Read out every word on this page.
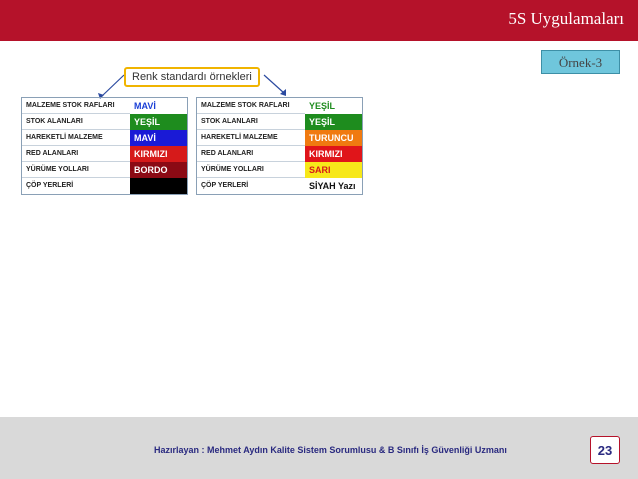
5S Uygulamaları
Örnek-3
Renk standardı örnekleri
MALZEME STOK RAFLARI	MAVİ
STOK ALANLARI	YEŞİL
HAREKETLİ MALZEME	MAVİ
RED ALANLARI	KIRMIZI
YÜRÜME YOLLARI	BORDO
ÇÖP YERLERİ
MALZEME STOK RAFLARI	YEŞİL
STOK ALANLARI	YEŞİL
HAREKETLİ MALZEME	TURUNCU
RED ALANLARI	KIRMIZI
YÜRÜME YOLLARI	SARI
ÇÖP YERLERİ	SİYAH Yazı
Hazırlayan : Mehmet Aydın Kalite Sistem Sorumlusu & B Sınıfı İş Güvenliği Uzmanı	23
